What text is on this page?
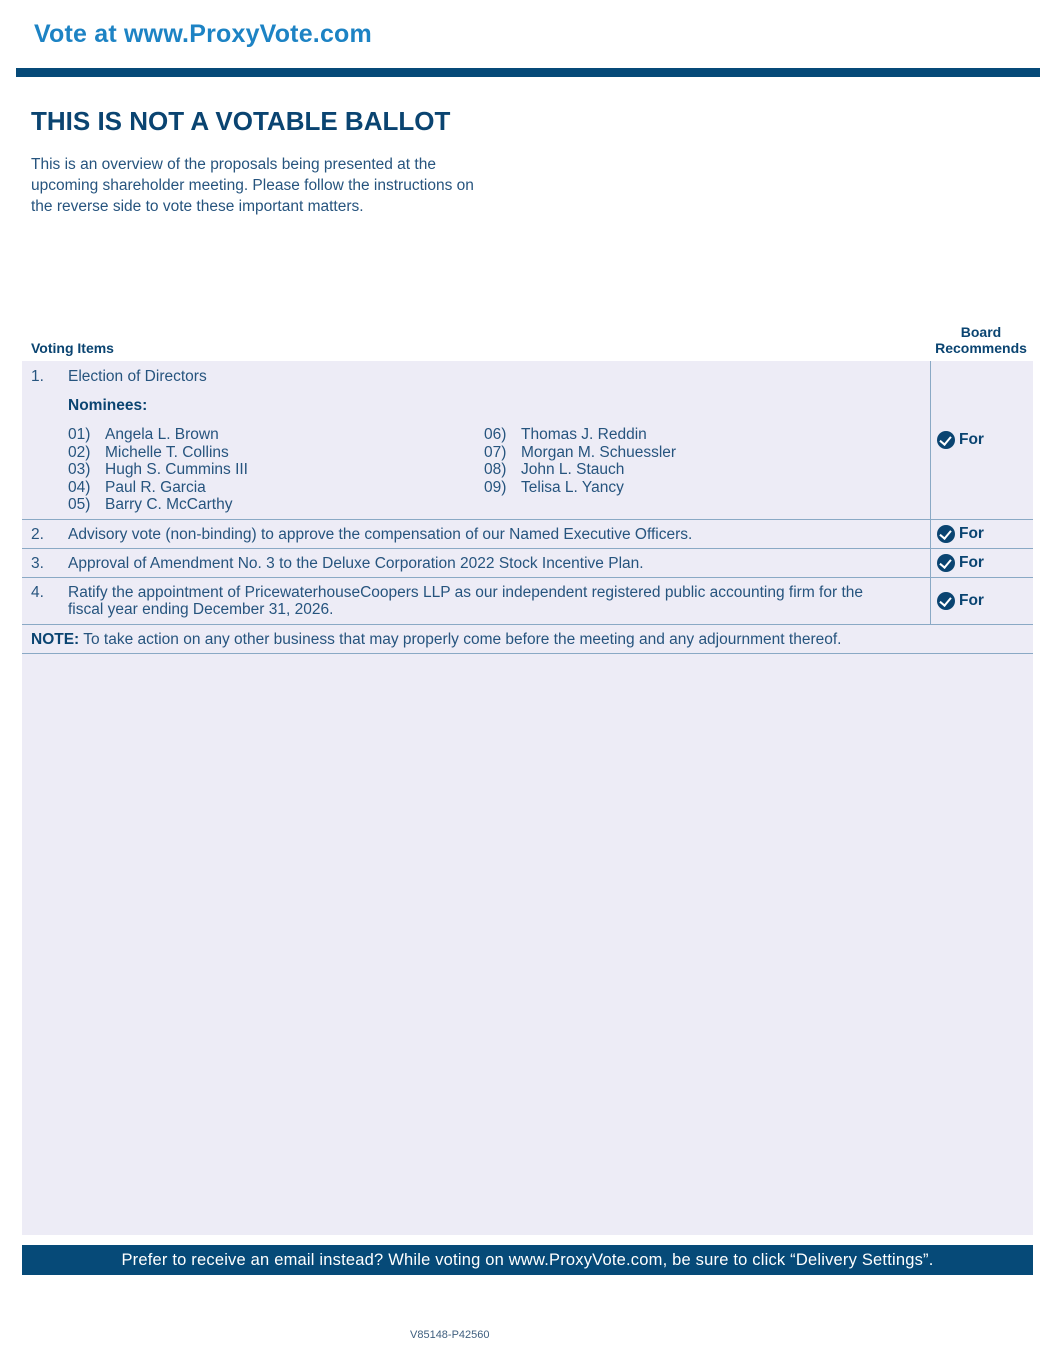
Vote at www.ProxyVote.com
THIS IS NOT A VOTABLE BALLOT
This is an overview of the proposals being presented at the
upcoming shareholder meeting. Please follow the instructions on
the reverse side to vote these important matters.
Voting Items
Board
Recommends
1. Election of Directors
Nominees:
01) Angela L. Brown
02) Michelle T. Collins
03) Hugh S. Cummins III
04) Paul R. Garcia
05) Barry C. McCarthy
06) Thomas J. Reddin
07) Morgan M. Schuessler
08) John L. Stauch
09) Telisa L. Yancy
For
2. Advisory vote (non-binding) to approve the compensation of our Named Executive Officers.	For
3. Approval of Amendment No. 3 to the Deluxe Corporation 2022 Stock Incentive Plan.	For
4. Ratify the appointment of PricewaterhouseCoopers LLP as our independent registered public accounting firm for the
fiscal year ending December 31, 2026.
For
NOTE: To take action on any other business that may properly come before the meeting and any adjournment thereof.
Prefer to receive an email instead? While voting on www.ProxyVote.com, be sure to click “Delivery Settings”.
V85148-P42560
